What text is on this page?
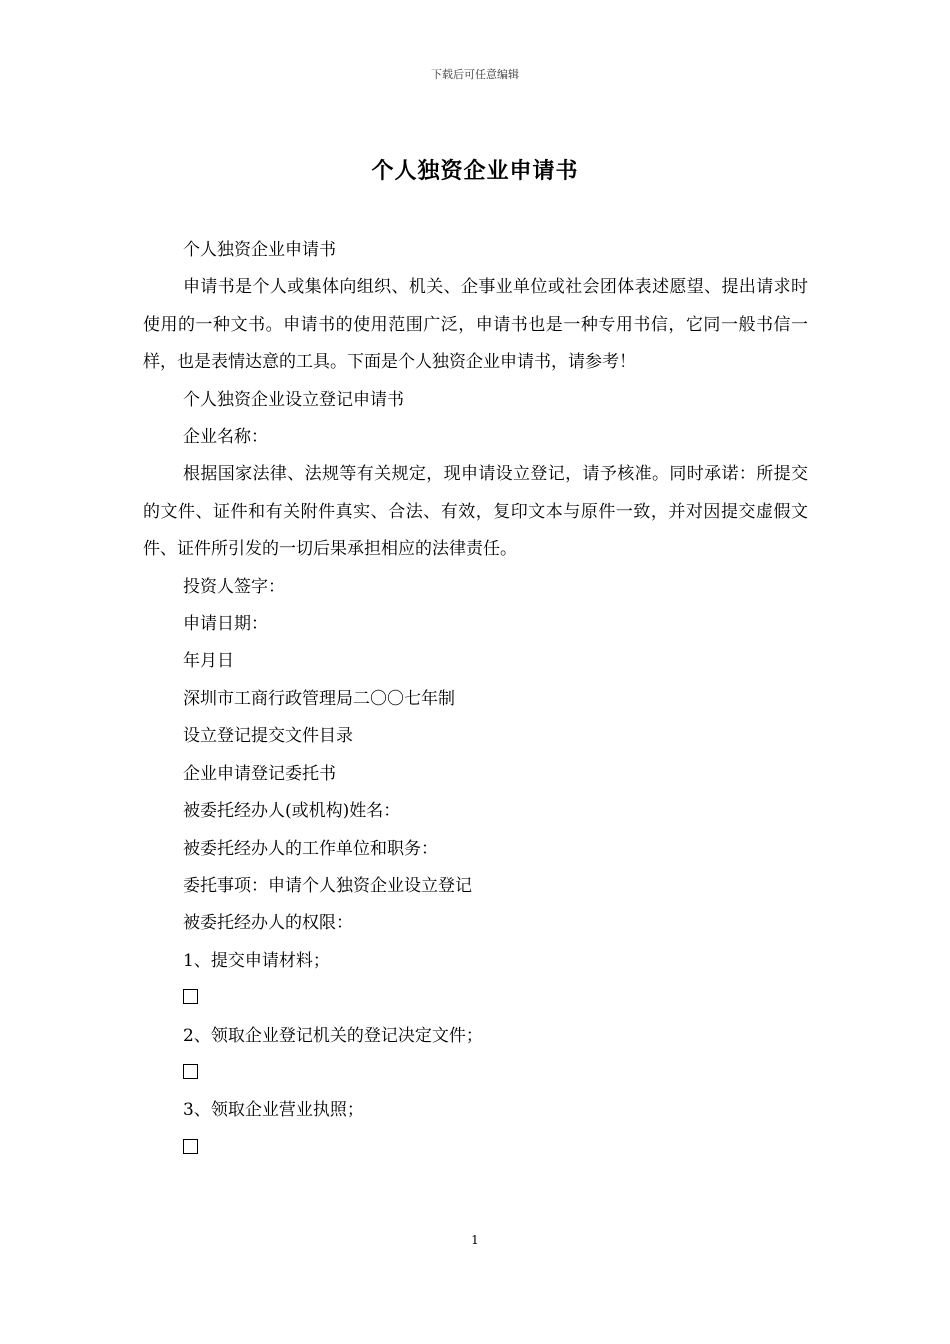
下载后可任意编辑
个人独资企业申请书

个人独资企业申请书

申请书是个人或集体向组织、机关、企事业单位或社会团体表述愿望、提出请求时使用的一种文书。申请书的使用范围广泛，申请书也是一种专用书信，它同一般书信一样，也是表情达意的工具。下面是个人独资企业申请书，请参考！

个人独资企业设立登记申请书

企业名称：

根据国家法律、法规等有关规定，现申请设立登记，请予核准。同时承诺：所提交的文件、证件和有关附件真实、合法、有效，复印文本与原件一致，并对因提交虚假文件、证件所引发的一切后果承担相应的法律责任。

投资人签字：

申请日期：

年月日

深圳市工商行政管理局二〇〇七年制

设立登记提交文件目录

企业申请登记委托书

被委托经办人(或机构)姓名：

被委托经办人的工作单位和职务：

委托事项：申请个人独资企业设立登记

被委托经办人的权限：

1、提交申请材料；

2、领取企业登记机关的登记决定文件；

3、领取企业营业执照；

1
